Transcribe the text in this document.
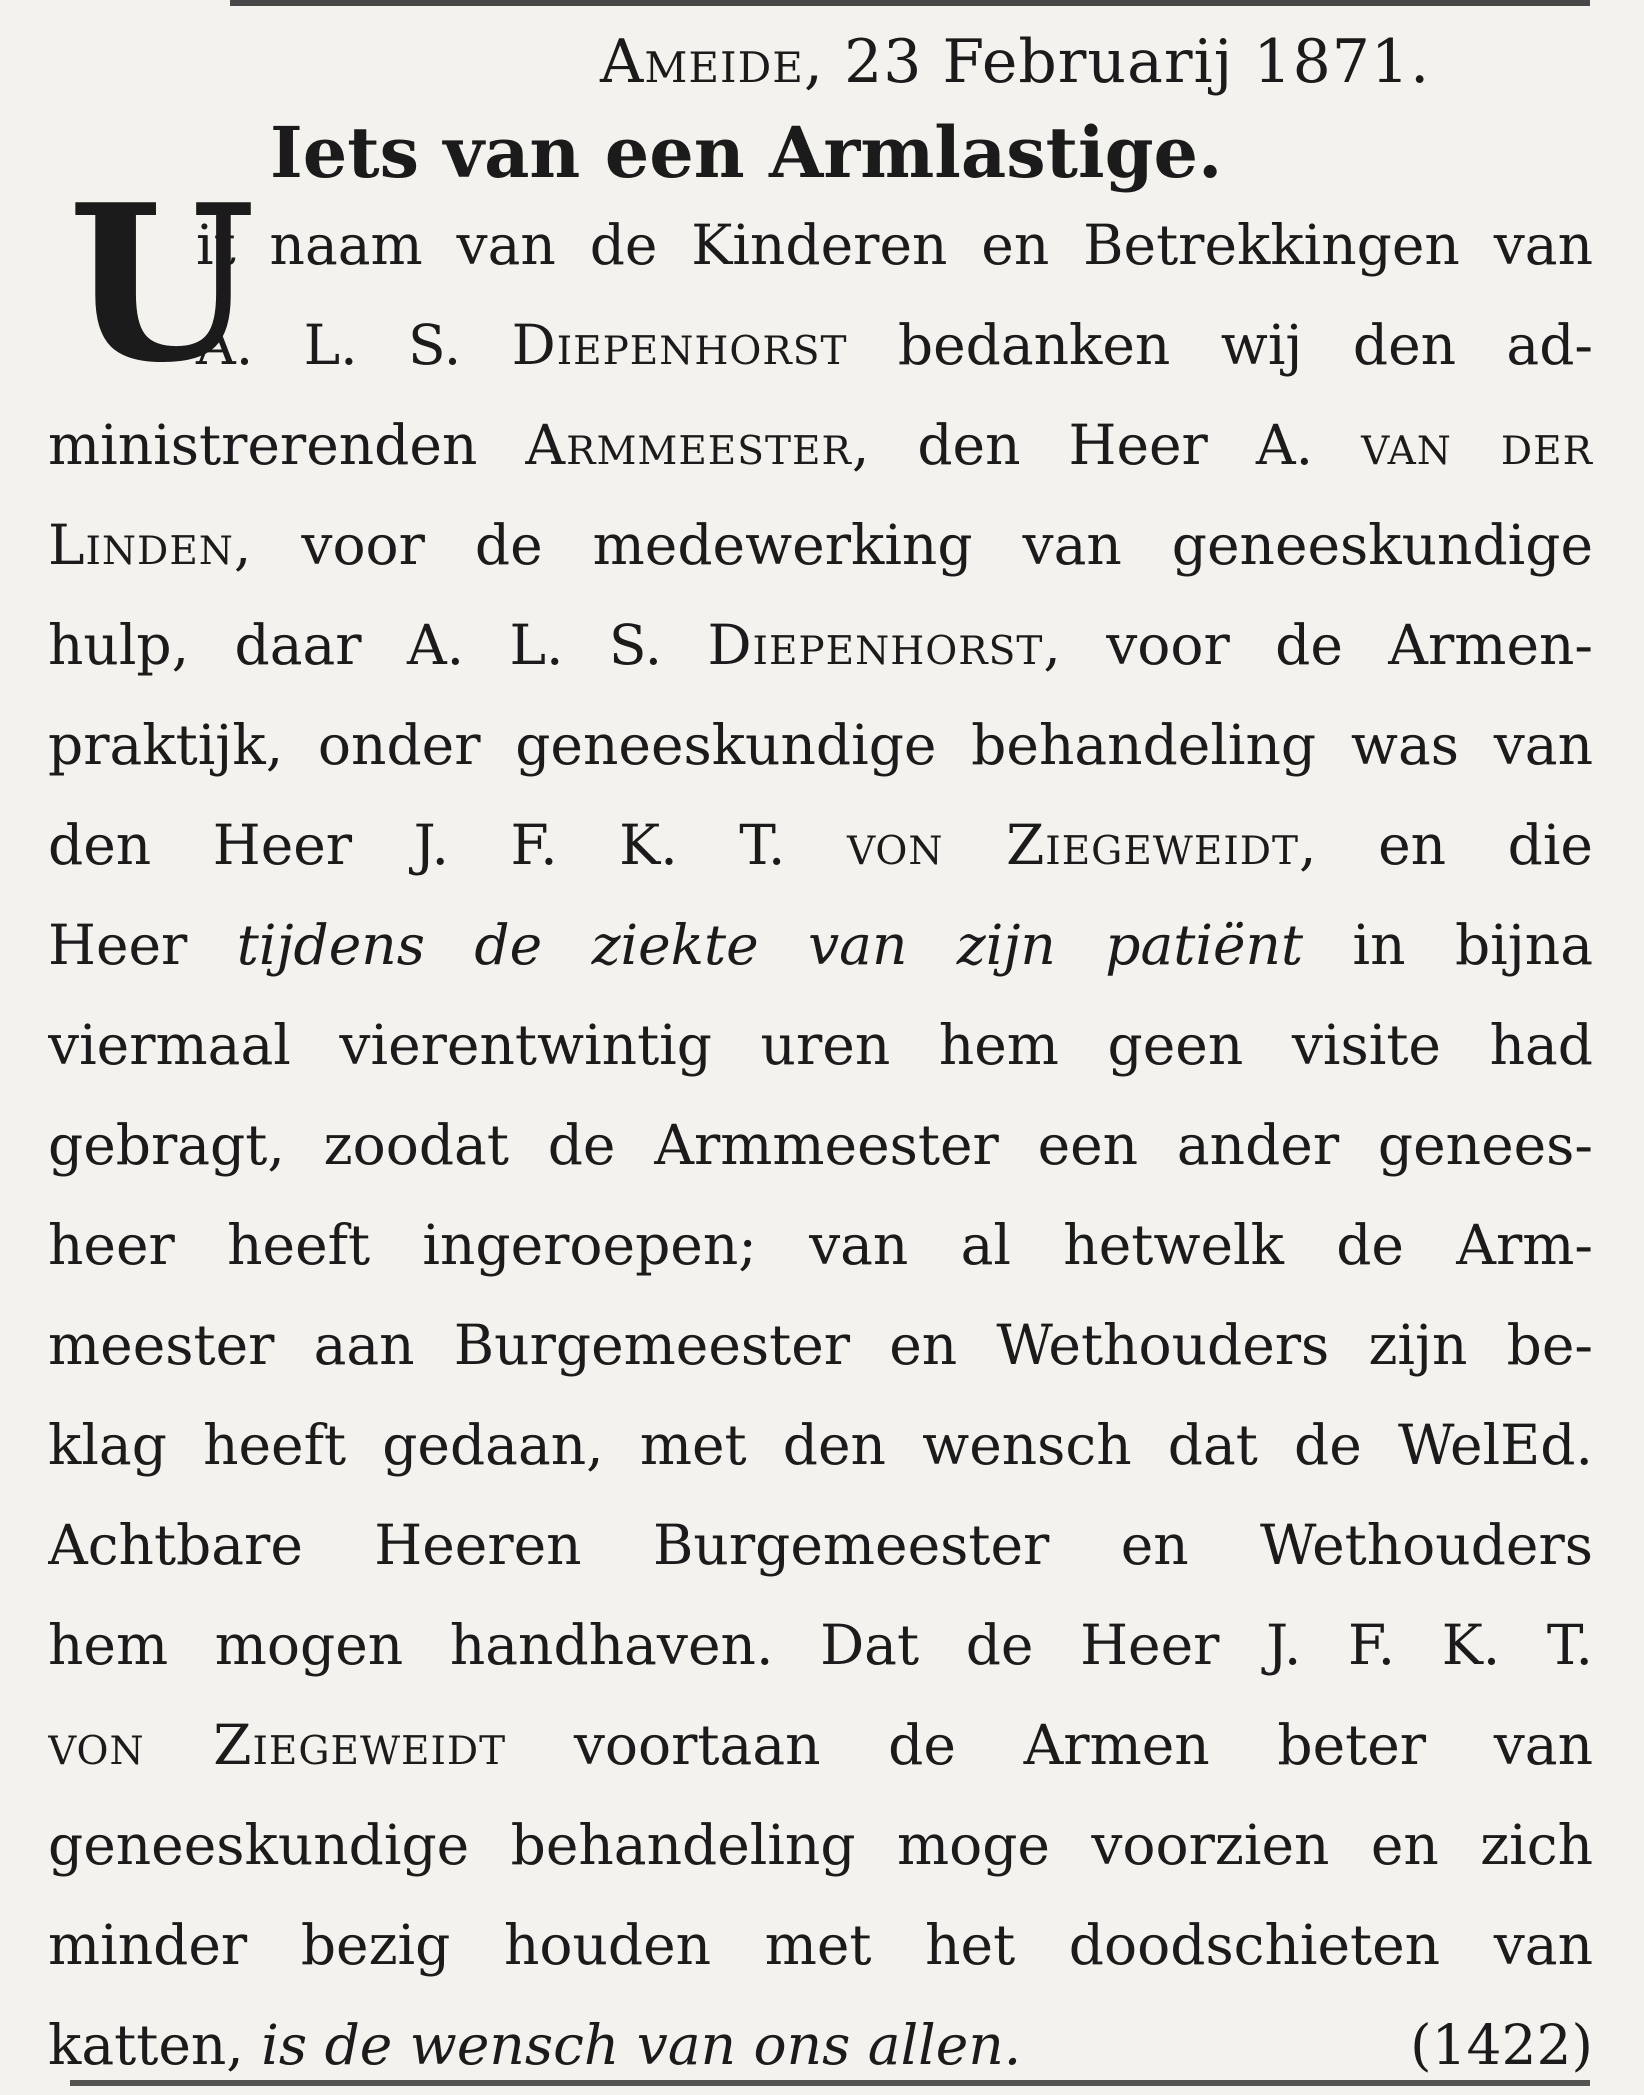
Ameide, 23 Februarij 1871.
Iets van een Armlastige.
U
it naam van de Kinderen en Betrekkingen van
A. L. S. Diepenhorst bedanken wij den ad-
ministrerenden Armmeester, den Heer A. van der
Linden, voor de medewerking van geneeskundige
hulp, daar A. L. S. Diepenhorst, voor de Armen-
praktijk, onder geneeskundige behandeling was van
den Heer J. F. K. T. von Ziegeweidt, en die
Heer tijdens de ziekte van zijn patiënt in bijna
viermaal vierentwintig uren hem geen visite had
gebragt, zoodat de Armmeester een ander genees-
heer heeft ingeroepen; van al hetwelk de Arm-
meester aan Burgemeester en Wethouders zijn be-
klag heeft gedaan, met den wensch dat de WelEd.
Achtbare Heeren Burgemeester en Wethouders
hem mogen handhaven. Dat de Heer J. F. K. T.
von Ziegeweidt voortaan de Armen beter van
geneeskundige behandeling moge voorzien en zich
minder bezig houden met het doodschieten van
katten, is de wensch van ons allen.	(1422)
